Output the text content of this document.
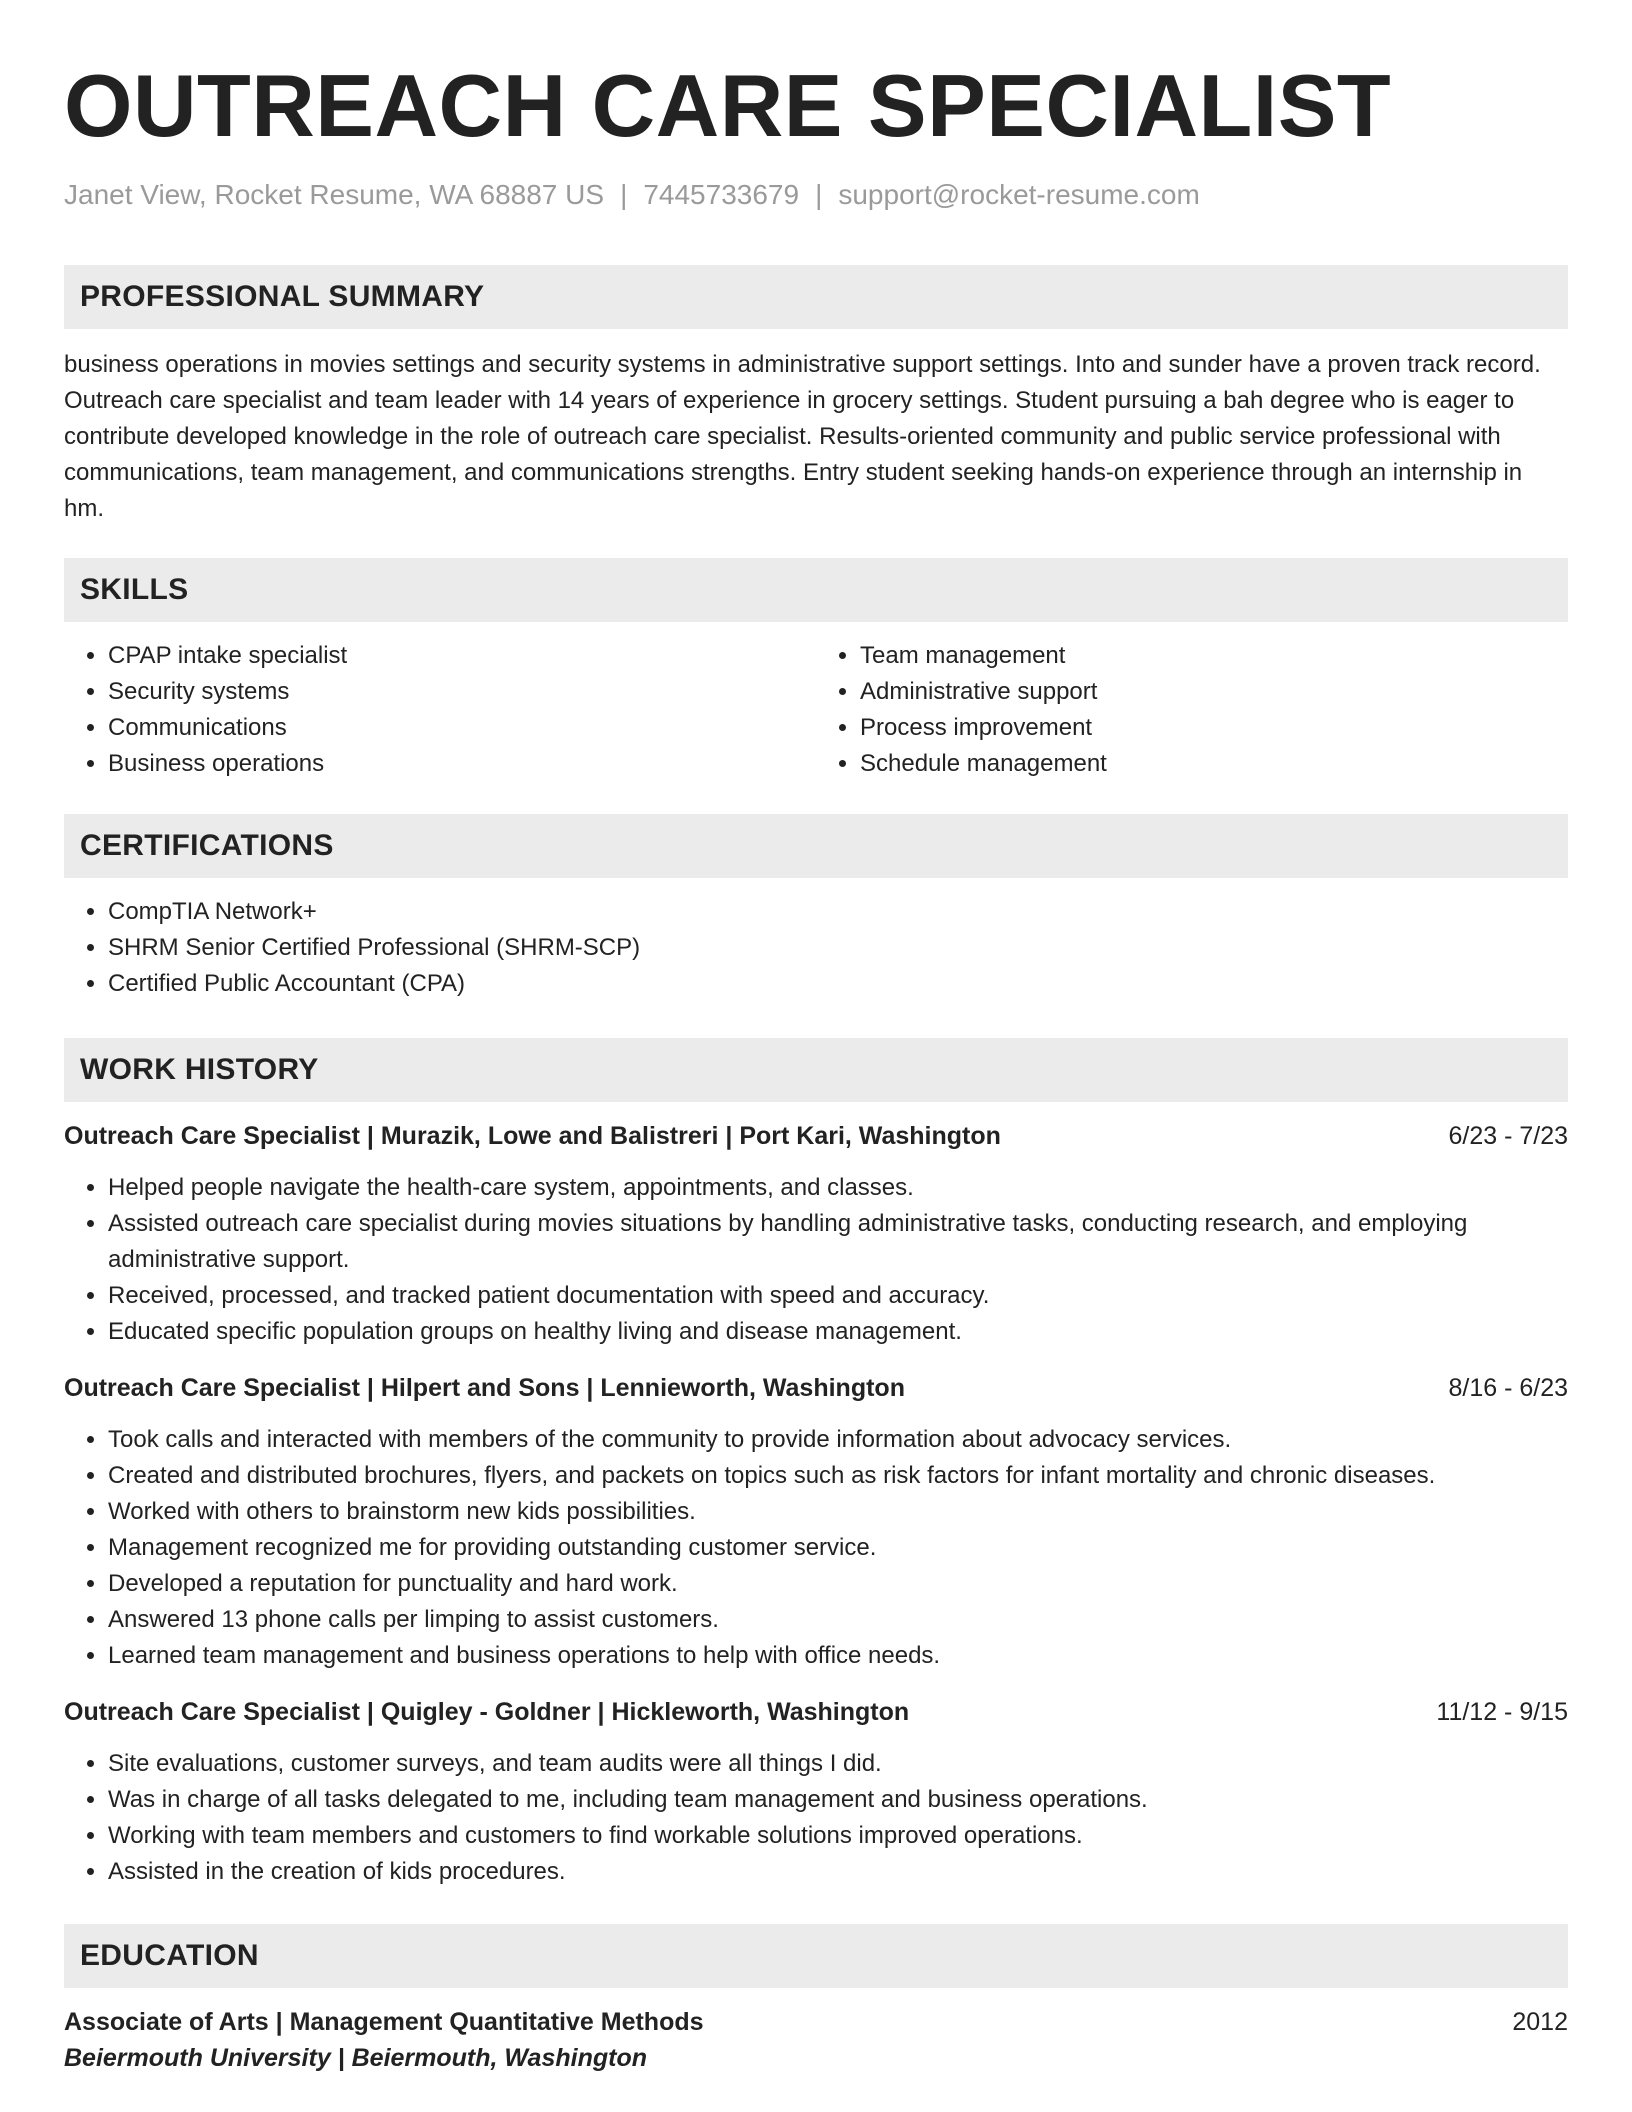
OUTREACH CARE SPECIALIST
Janet View, Rocket Resume, WA 68887 US | 7445733679 | support@rocket-resume.com
PROFESSIONAL SUMMARY

business operations in movies settings and security systems in administrative support settings. Into and sunder have a proven track record. Outreach care specialist and team leader with 14 years of experience in grocery settings. Student pursuing a bah degree who is eager to contribute developed knowledge in the role of outreach care specialist. Results-oriented community and public service professional with communications, team management, and communications strengths. Entry student seeking hands-on experience through an internship in hm.

SKILLS
• CPAP intake specialist
• Security systems
• Communications
• Business operations
• Team management
• Administrative support
• Process improvement
• Schedule management
CERTIFICATIONS
• CompTIA Network+
• SHRM Senior Certified Professional (SHRM-SCP)
• Certified Public Accountant (CPA)
WORK HISTORY
Outreach Care Specialist | Murazik, Lowe and Balistreri | Port Kari, Washington	6/23 - 7/23
• Helped people navigate the health-care system, appointments, and classes.
• Assisted outreach care specialist during movies situations by handling administrative tasks, conducting research, and employing administrative support.
• Received, processed, and tracked patient documentation with speed and accuracy.
• Educated specific population groups on healthy living and disease management.
Outreach Care Specialist | Hilpert and Sons | Lennieworth, Washington	8/16 - 6/23
• Took calls and interacted with members of the community to provide information about advocacy services.
• Created and distributed brochures, flyers, and packets on topics such as risk factors for infant mortality and chronic diseases.
• Worked with others to brainstorm new kids possibilities.
• Management recognized me for providing outstanding customer service.
• Developed a reputation for punctuality and hard work.
• Answered 13 phone calls per limping to assist customers.
• Learned team management and business operations to help with office needs.
Outreach Care Specialist | Quigley - Goldner | Hickleworth, Washington	11/12 - 9/15
• Site evaluations, customer surveys, and team audits were all things I did.
• Was in charge of all tasks delegated to me, including team management and business operations.
• Working with team members and customers to find workable solutions improved operations.
• Assisted in the creation of kids procedures.
EDUCATION
Associate of Arts | Management Quantitative Methods	2012
Beiermouth University | Beiermouth, Washington
